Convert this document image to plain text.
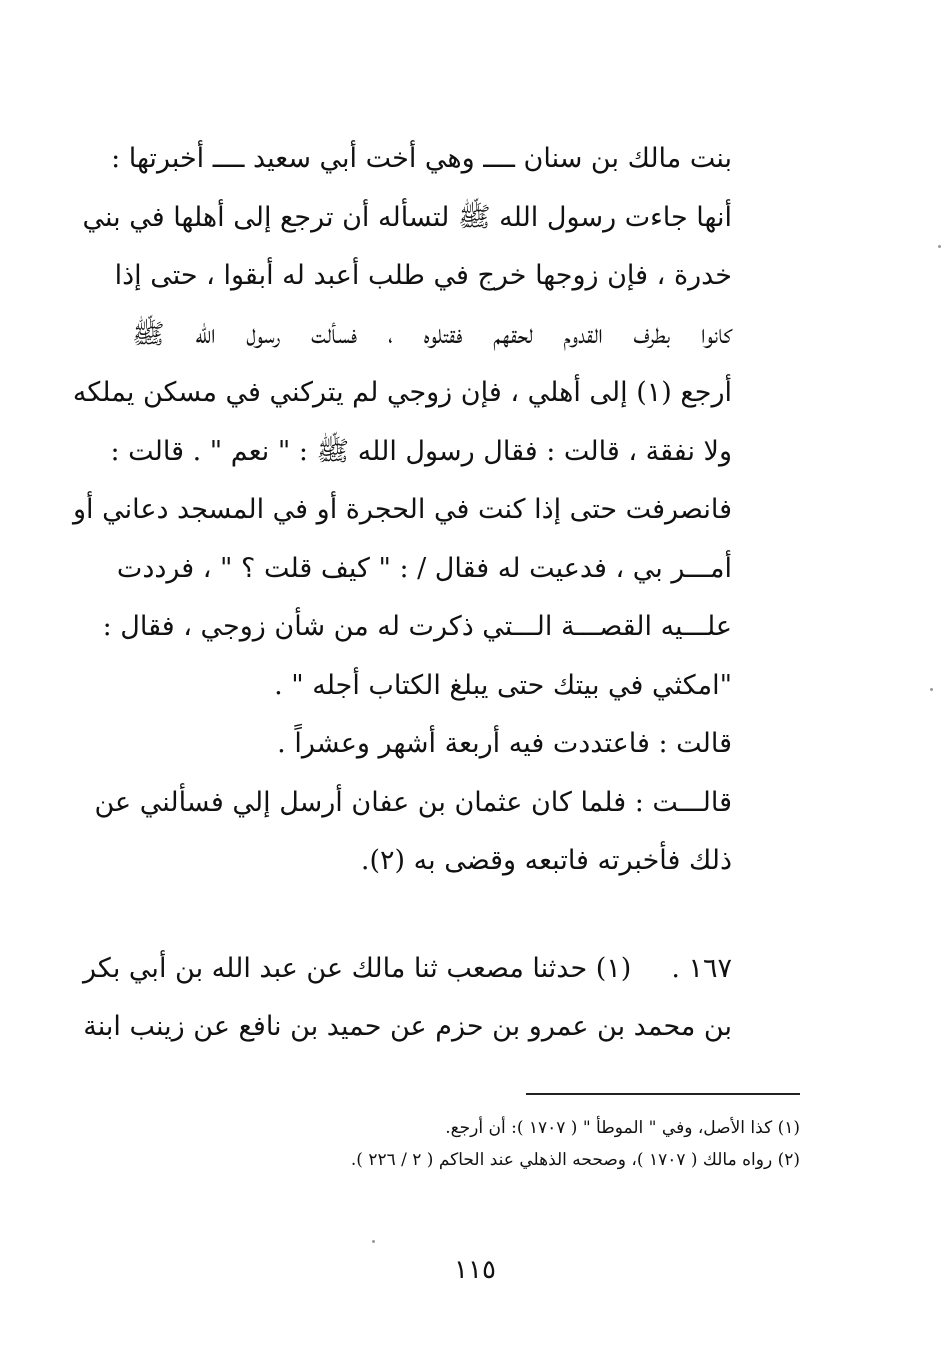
بنت مالك بن سنان ــــ وهي أخت أبي سعيد ــــ أخبرتها :
أنها جاءت رسول الله ﷺ لتسأله أن ترجع إلى أهلها في بني
خدرة ، فإن زوجها خرج في طلب أعبد له أبقوا ، حتى إذا
كانوا بطرف القدوم لحقهم فقتلوه ، فسألت رسول الله ﷺ
أرجع (١) إلى أهلي ، فإن زوجي لم يتركني في مسكن يملكه
ولا نفقة ، قالت : فقال رسول الله ﷺ : " نعم " . قالت :
فانصرفت حتى إذا كنت في الحجرة أو في المسجد دعاني أو
أمـــر بي ، فدعيت له فقال / : " كيف قلت ؟ " ، فرددت
علـــيه القصـــة الـــتي ذكرت له من شأن زوجي ، فقال :
"امكثي في بيتك حتى يبلغ الكتاب أجله " .
قالت : فاعتددت فيه أربعة أشهر وعشراً .
قالـــت : فلما كان عثمان بن عفان أرسل إلي فسألني عن
ذلك فأخبرته فاتبعه وقضى به (٢).
١٦٧ .(١) حدثنا مصعب ثنا مالك عن عبد الله بن أبي بكر
بن محمد بن عمرو بن حزم عن حميد بن نافع عن زينب ابنة
(١) كذا الأصل، وفي " الموطأ " ( ١٧٠٧ ): أن أرجع.
(٢) رواه مالك ( ١٧٠٧ )، وصححه الذهلي عند الحاكم ( ٢ / ٢٢٦ ).
١١٥
